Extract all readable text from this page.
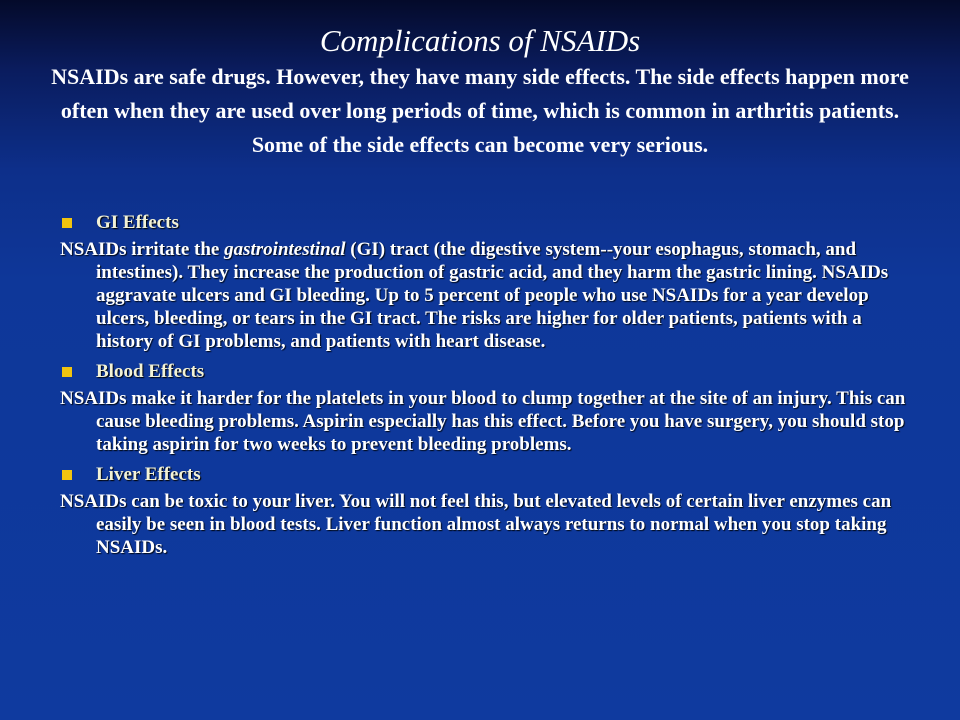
Complications of NSAIDs
NSAIDs are safe drugs. However, they have many side effects. The side effects happen more often when they are used over long periods of time, which is common in arthritis patients. Some of the side effects can become very serious.
GI Effects

NSAIDs irritate the gastrointestinal (GI) tract (the digestive system--your esophagus, stomach, and intestines). They increase the production of gastric acid, and they harm the gastric lining. NSAIDs aggravate ulcers and GI bleeding. Up to 5 percent of people who use NSAIDs for a year develop ulcers, bleeding, or tears in the GI tract. The risks are higher for older patients, patients with a history of GI problems, and patients with heart disease.

Blood Effects

NSAIDs make it harder for the platelets in your blood to clump together at the site of an injury. This can cause bleeding problems. Aspirin especially has this effect. Before you have surgery, you should stop taking aspirin for two weeks to prevent bleeding problems.

Liver Effects

NSAIDs can be toxic to your liver. You will not feel this, but elevated levels of certain liver enzymes can easily be seen in blood tests. Liver function almost always returns to normal when you stop taking NSAIDs.
